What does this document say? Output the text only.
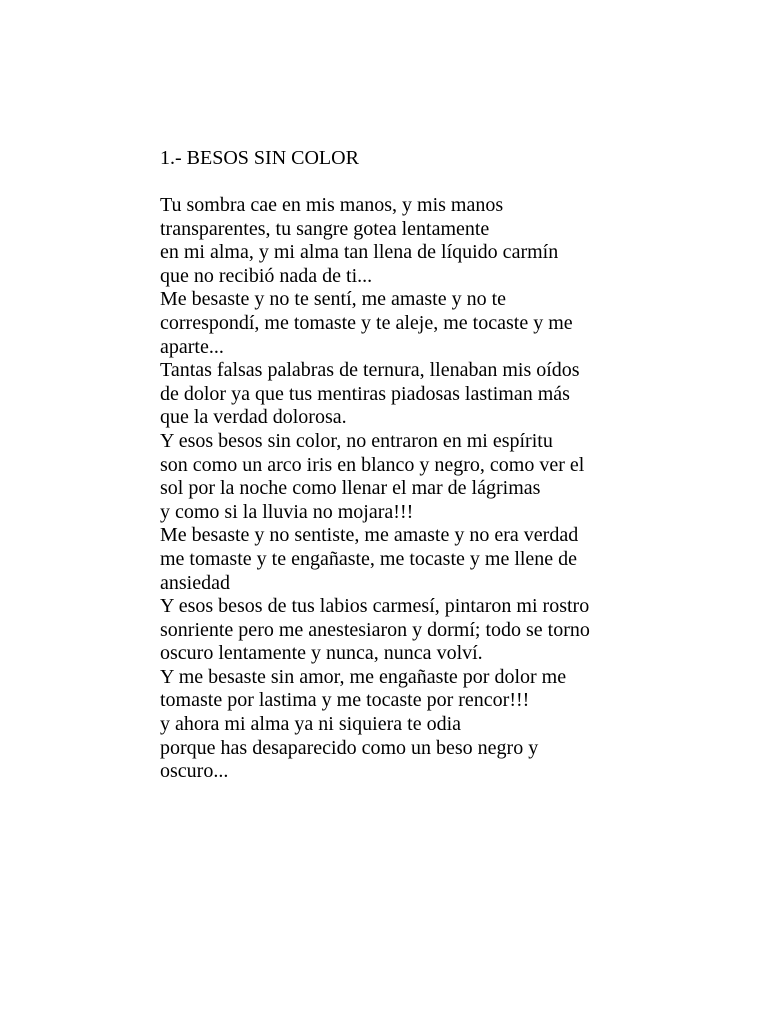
1.- BESOS SIN COLOR
Tu sombra cae en mis manos, y mis manos
transparentes, tu sangre gotea lentamente
en mi alma, y mi alma tan llena de líquido carmín
que no recibió nada de ti...
Me besaste y no te sentí, me amaste y no te
correspondí, me tomaste y te aleje, me tocaste y me
aparte...
Tantas falsas palabras de ternura, llenaban mis oídos
de dolor ya que tus mentiras piadosas lastiman más
que la verdad dolorosa.
Y esos besos sin color, no entraron en mi espíritu
son como un arco iris en blanco y negro, como ver el
sol por la noche como llenar el mar de lágrimas
y como si la lluvia no mojara!!!
Me besaste y no sentiste, me amaste y no era verdad
me tomaste y te engañaste, me tocaste y me llene de
ansiedad
Y esos besos de tus labios carmesí, pintaron mi rostro
sonriente pero me anestesiaron y dormí; todo se torno
oscuro lentamente y nunca, nunca volví.
Y me besaste sin amor, me engañaste por dolor me
tomaste por lastima y me tocaste por rencor!!!
y ahora mi alma ya ni siquiera te odia
porque has desaparecido como un beso negro y
oscuro...
